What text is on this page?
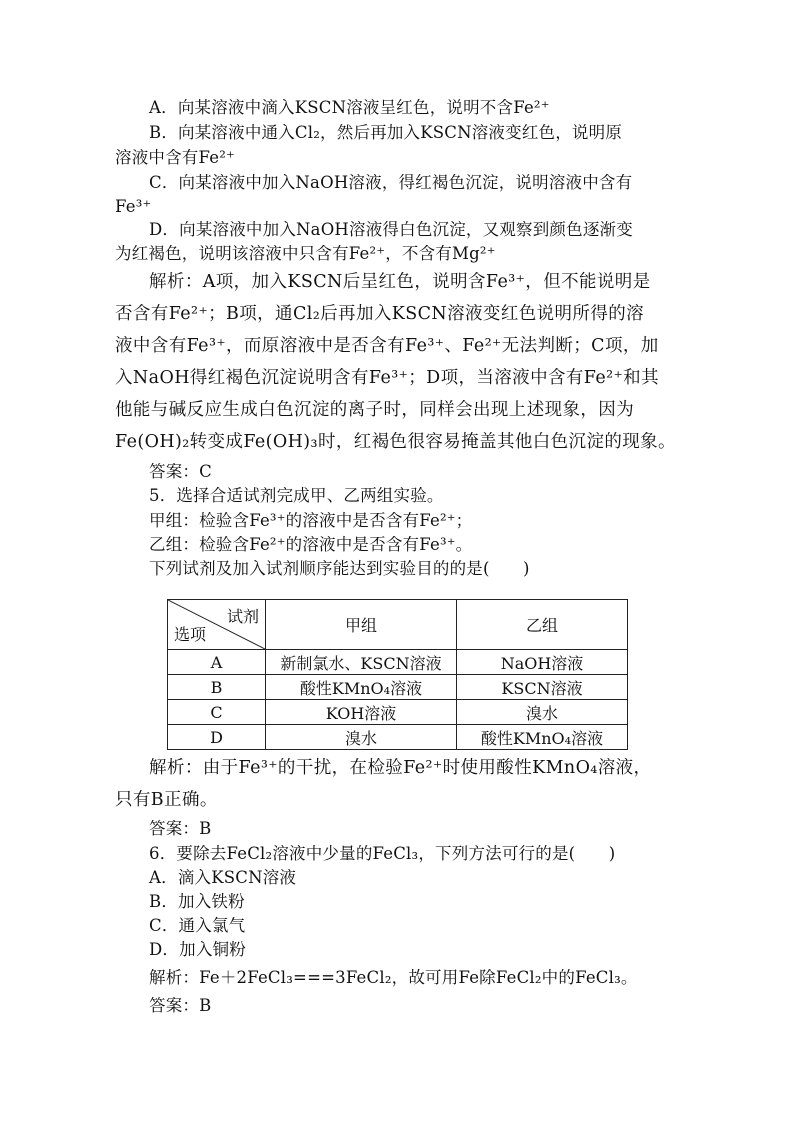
A．向某溶液中滴入KSCN溶液呈红色，说明不含Fe²⁺
B．向某溶液中通入Cl₂，然后再加入KSCN溶液变红色，说明原
溶液中含有Fe²⁺
C．向某溶液中加入NaOH溶液，得红褐色沉淀，说明溶液中含有
Fe³⁺
D．向某溶液中加入NaOH溶液得白色沉淀，又观察到颜色逐渐变
为红褐色，说明该溶液中只含有Fe²⁺，不含有Mg²⁺
解析：A项，加入KSCN后呈红色，说明含Fe³⁺，但不能说明是
否含有Fe²⁺；B项，通Cl₂后再加入KSCN溶液变红色说明所得的溶
液中含有Fe³⁺，而原溶液中是否含有Fe³⁺、Fe²⁺无法判断；C项，加
入NaOH得红褐色沉淀说明含有Fe³⁺；D项，当溶液中含有Fe²⁺和其
他能与碱反应生成白色沉淀的离子时，同样会出现上述现象，因为
Fe(OH)₂转变成Fe(OH)₃时，红褐色很容易掩盖其他白色沉淀的现象。
答案：C
5．选择合适试剂完成甲、乙两组实验。
甲组：检验含Fe³⁺的溶液中是否含有Fe²⁺；
乙组：检验含Fe²⁺的溶液中是否含有Fe³⁺。
下列试剂及加入试剂顺序能达到实验目的的是(　　)
试剂
选项	甲组	乙组
A	新制氯水、KSCN溶液	NaOH溶液
B	酸性KMnO₄溶液	KSCN溶液
C	KOH溶液	溴水
D	溴水	酸性KMnO₄溶液
解析：由于Fe³⁺的干扰，在检验Fe²⁺时使用酸性KMnO₄溶液，
只有B正确。
答案：B
6．要除去FeCl₂溶液中少量的FeCl₃，下列方法可行的是(　　)
A．滴入KSCN溶液
B．加入铁粉
C．通入氯气
D．加入铜粉
解析：Fe＋2FeCl₃===3FeCl₂，故可用Fe除FeCl₂中的FeCl₃。
答案：B
